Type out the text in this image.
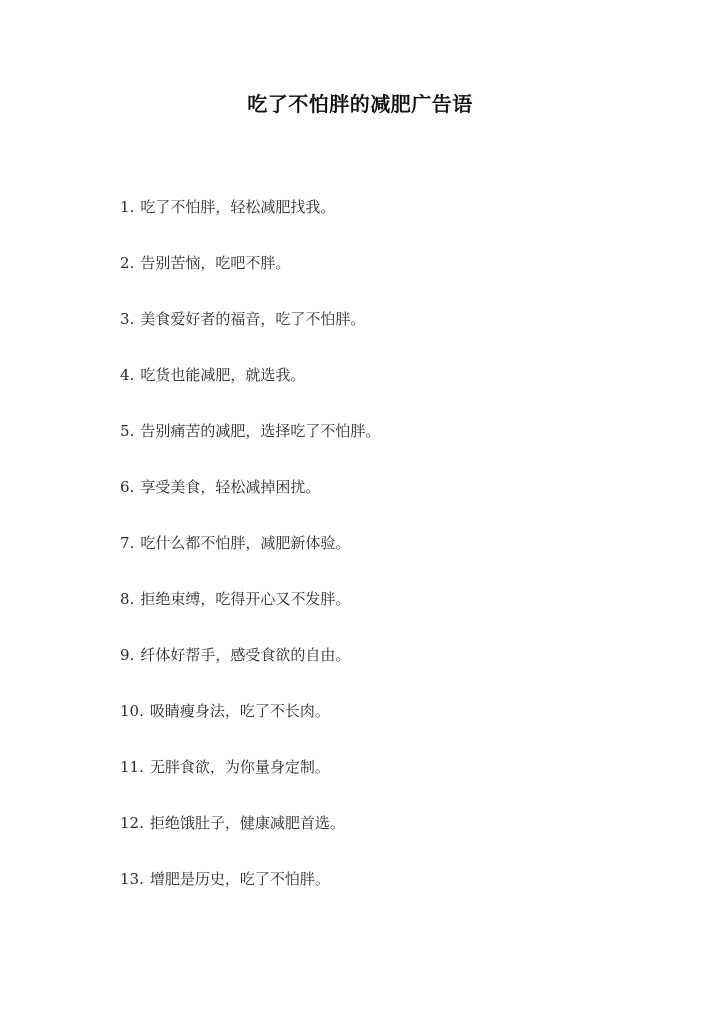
吃了不怕胖的减肥广告语
1. 吃了不怕胖，轻松减肥找我。
2. 告别苦恼，吃吧不胖。
3. 美食爱好者的福音，吃了不怕胖。
4. 吃货也能减肥，就选我。
5. 告别痛苦的减肥，选择吃了不怕胖。
6. 享受美食，轻松减掉困扰。
7. 吃什么都不怕胖，减肥新体验。
8. 拒绝束缚，吃得开心又不发胖。
9. 纤体好帮手，感受食欲的自由。
10. 吸睛瘦身法，吃了不长肉。
11. 无胖食欲，为你量身定制。
12. 拒绝饿肚子，健康减肥首选。
13. 增肥是历史，吃了不怕胖。
